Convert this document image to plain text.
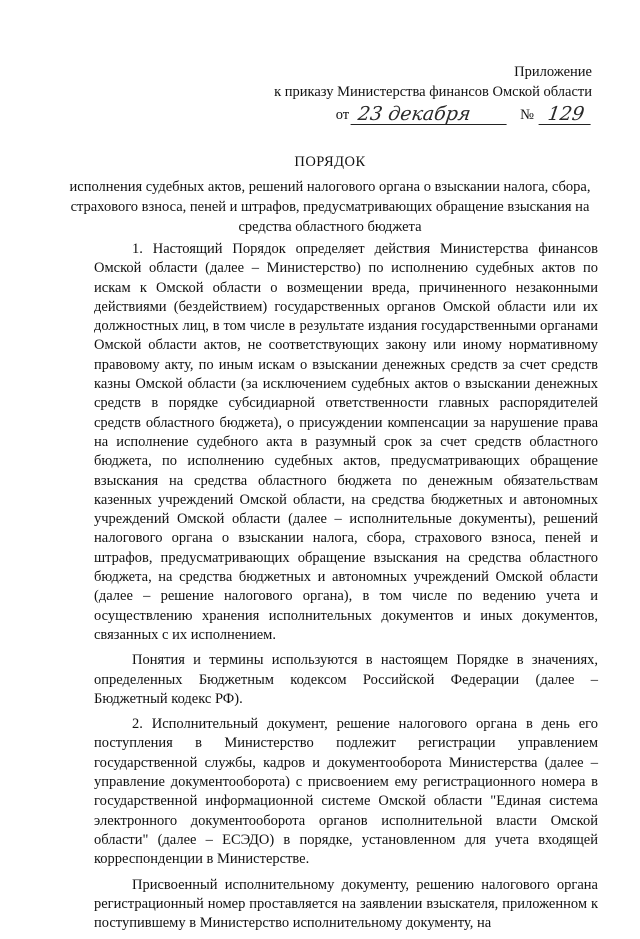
Приложение
к приказу Министерства финансов Омской области
от 23 декабря	№ 129
ПОРЯДОК
исполнения судебных актов, решений налогового органа о взыскании налога, сбора, страхового взноса, пеней и штрафов, предусматривающих обращение взыскания на средства областного бюджета

1. Настоящий Порядок определяет действия Министерства финансов Омской области (далее – Министерство) по исполнению судебных актов по искам к Омской области о возмещении вреда, причиненного незаконными действиями (бездействием) государственных органов Омской области или их должностных лиц, в том числе в результате издания государственными органами Омской области актов, не соответствующих закону или иному нормативному правовому акту, по иным искам о взыскании денежных средств за счет средств казны Омской области (за исключением судебных актов о взыскании денежных средств в порядке субсидиарной ответственности главных распорядителей средств областного бюджета), о присуждении компенсации за нарушение права на исполнение судебного акта в разумный срок за счет средств областного бюджета, по исполнению судебных актов, предусматривающих обращение взыскания на средства областного бюджета по денежным обязательствам казенных учреждений Омской области, на средства бюджетных и автономных учреждений Омской области (далее – исполнительные документы), решений налогового органа о взыскании налога, сбора, страхового взноса, пеней и штрафов, предусматривающих обращение взыскания на средства областного бюджета, на средства бюджетных и автономных учреждений Омской области (далее – решение налогового органа), в том числе по ведению учета и осуществлению хранения исполнительных документов и иных документов, связанных с их исполнением.

Понятия и термины используются в настоящем Порядке в значениях, определенных Бюджетным кодексом Российской Федерации (далее – Бюджетный кодекс РФ).

2. Исполнительный документ, решение налогового органа в день его поступления в Министерство подлежит регистрации управлением государственной службы, кадров и документооборота Министерства (далее – управление документооборота) с присвоением ему регистрационного номера в государственной информационной системе Омской области "Единая система электронного документооборота органов исполнительной власти Омской области" (далее – ЕСЭДО) в порядке, установленном для учета входящей корреспонденции в Министерстве.

Присвоенный исполнительному документу, решению налогового органа регистрационный номер проставляется на заявлении взыскателя, приложенном к поступившему в Министерство исполнительному документу, на
